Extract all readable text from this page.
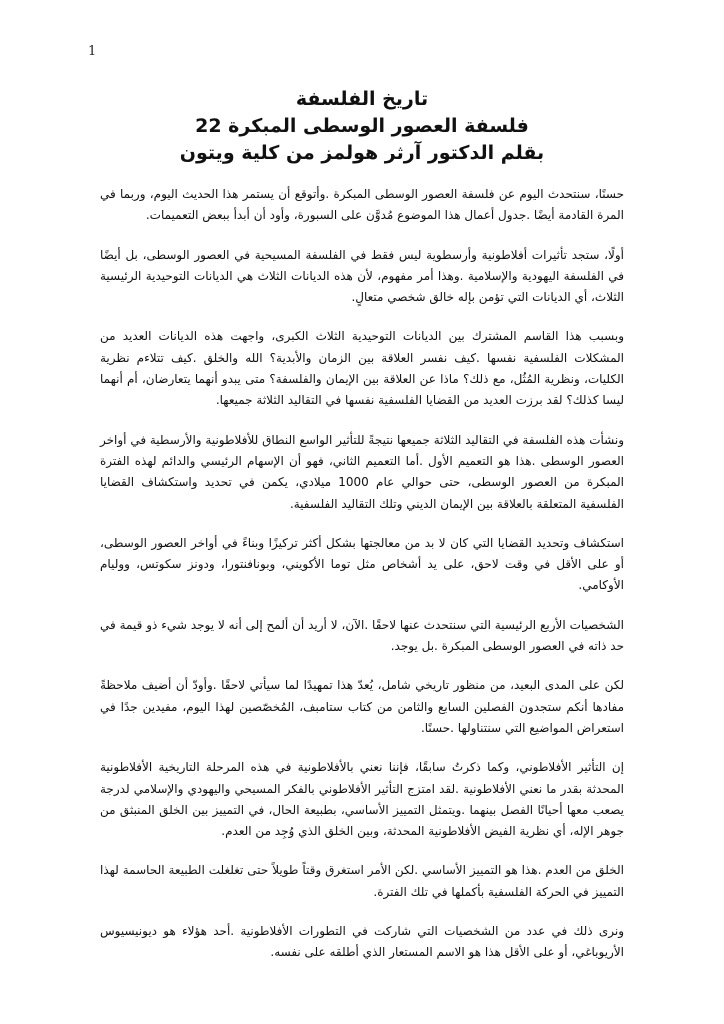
1

تاريخ الفلسفة

فلسفة العصور الوسطى المبكرة 22

بقلم الدكتور آرثر هولمز من كلية ويتون

حسنًا، سنتحدث اليوم عن فلسفة العصور الوسطى المبكرة .وأتوقع أن يستمر هذا الحديث اليوم، وربما في المرة القادمة أيضًا .جدول أعمال هذا الموضوع مُدوَّن على السبورة، وأود أن أبدأ ببعض التعميمات.

أولًا، ستجد تأثيرات أفلاطونية وأرسطوية ليس فقط في الفلسفة المسيحية في العصور الوسطى، بل أيضًا في الفلسفة اليهودية والإسلامية .وهذا أمر مفهوم، لأن هذه الديانات الثلاث هي الديانات التوحيدية الرئيسية الثلاث، أي الديانات التي تؤمن بإله خالق شخصي متعالٍ.

وبسبب هذا القاسم المشترك بين الديانات التوحيدية الثلاث الكبرى، واجهت هذه الديانات العديد من المشكلات الفلسفية نفسها .كيف نفسر العلاقة بين الزمان والأبدية؟ الله والخلق .كيف تتلاءم نظرية الكليات، ونظرية المُثُل، مع ذلك؟ ماذا عن العلاقة بين الإيمان والفلسفة؟ متى يبدو أنهما يتعارضان، أم أنهما ليسا كذلك؟ لقد برزت العديد من القضايا الفلسفية نفسها في التقاليد الثلاثة جميعها.

ونشأت هذه الفلسفة في التقاليد الثلاثة جميعها نتيجةً للتأثير الواسع النطاق للأفلاطونية والأرسطية في أواخر العصور الوسطى .هذا هو التعميم الأول .أما التعميم الثاني، فهو أن الإسهام الرئيسي والدائم لهذه الفترة المبكرة من العصور الوسطى، حتى حوالي عام 1000 ميلادي، يكمن في تحديد واستكشاف القضايا الفلسفية المتعلقة بالعلاقة بين الإيمان الديني وتلك التقاليد الفلسفية.

استكشاف وتحديد القضايا التي كان لا بد من معالجتها بشكل أكثر تركيزًا وبناءً في أواخر العصور الوسطى، أو على الأقل في وقت لاحق، على يد أشخاص مثل توما الأكويني، وبونافنتورا، ودونز سكوتس، ووليام الأوكامي.

الشخصيات الأربع الرئيسية التي سنتحدث عنها لاحقًا .الآن، لا أريد أن ألمح إلى أنه لا يوجد شيء ذو قيمة في حد ذاته في العصور الوسطى المبكرة .بل يوجد.

لكن على المدى البعيد، من منظور تاريخي شامل، يُعدّ هذا تمهيدًا لما سيأتي لاحقًا .وأودّ أن أضيف ملاحظةً مفادها أنكم ستجدون الفصلين السابع والثامن من كتاب ستامبف، المُخصّصين لهذا اليوم، مفيدين جدًا في استعراض المواضيع التي سنتناولها .حسنًا.

إن التأثير الأفلاطوني، وكما ذكرتُ سابقًا، فإننا نعني بالأفلاطونية في هذه المرحلة التاريخية الأفلاطونية المحدثة بقدر ما نعني الأفلاطونية .لقد امتزج التأثير الأفلاطوني بالفكر المسيحي واليهودي والإسلامي لدرجة يصعب معها أحيانًا الفصل بينهما .ويتمثل التمييز الأساسي، بطبيعة الحال، في التمييز بين الخلق المنبثق من جوهر الإله، أي نظرية الفيض الأفلاطونية المحدثة، وبين الخلق الذي وُجِد من العدم.

الخلق من العدم .هذا هو التمييز الأساسي .لكن الأمر استغرق وقتاً طويلاً حتى تغلغلت الطبيعة الحاسمة لهذا التمييز في الحركة الفلسفية بأكملها في تلك الفترة.

ونرى ذلك في عدد من الشخصيات التي شاركت في التطورات الأفلاطونية .أحد هؤلاء هو ديونيسيوس الأريوباغي، أو على الأقل هذا هو الاسم المستعار الذي أطلقه على نفسه.
